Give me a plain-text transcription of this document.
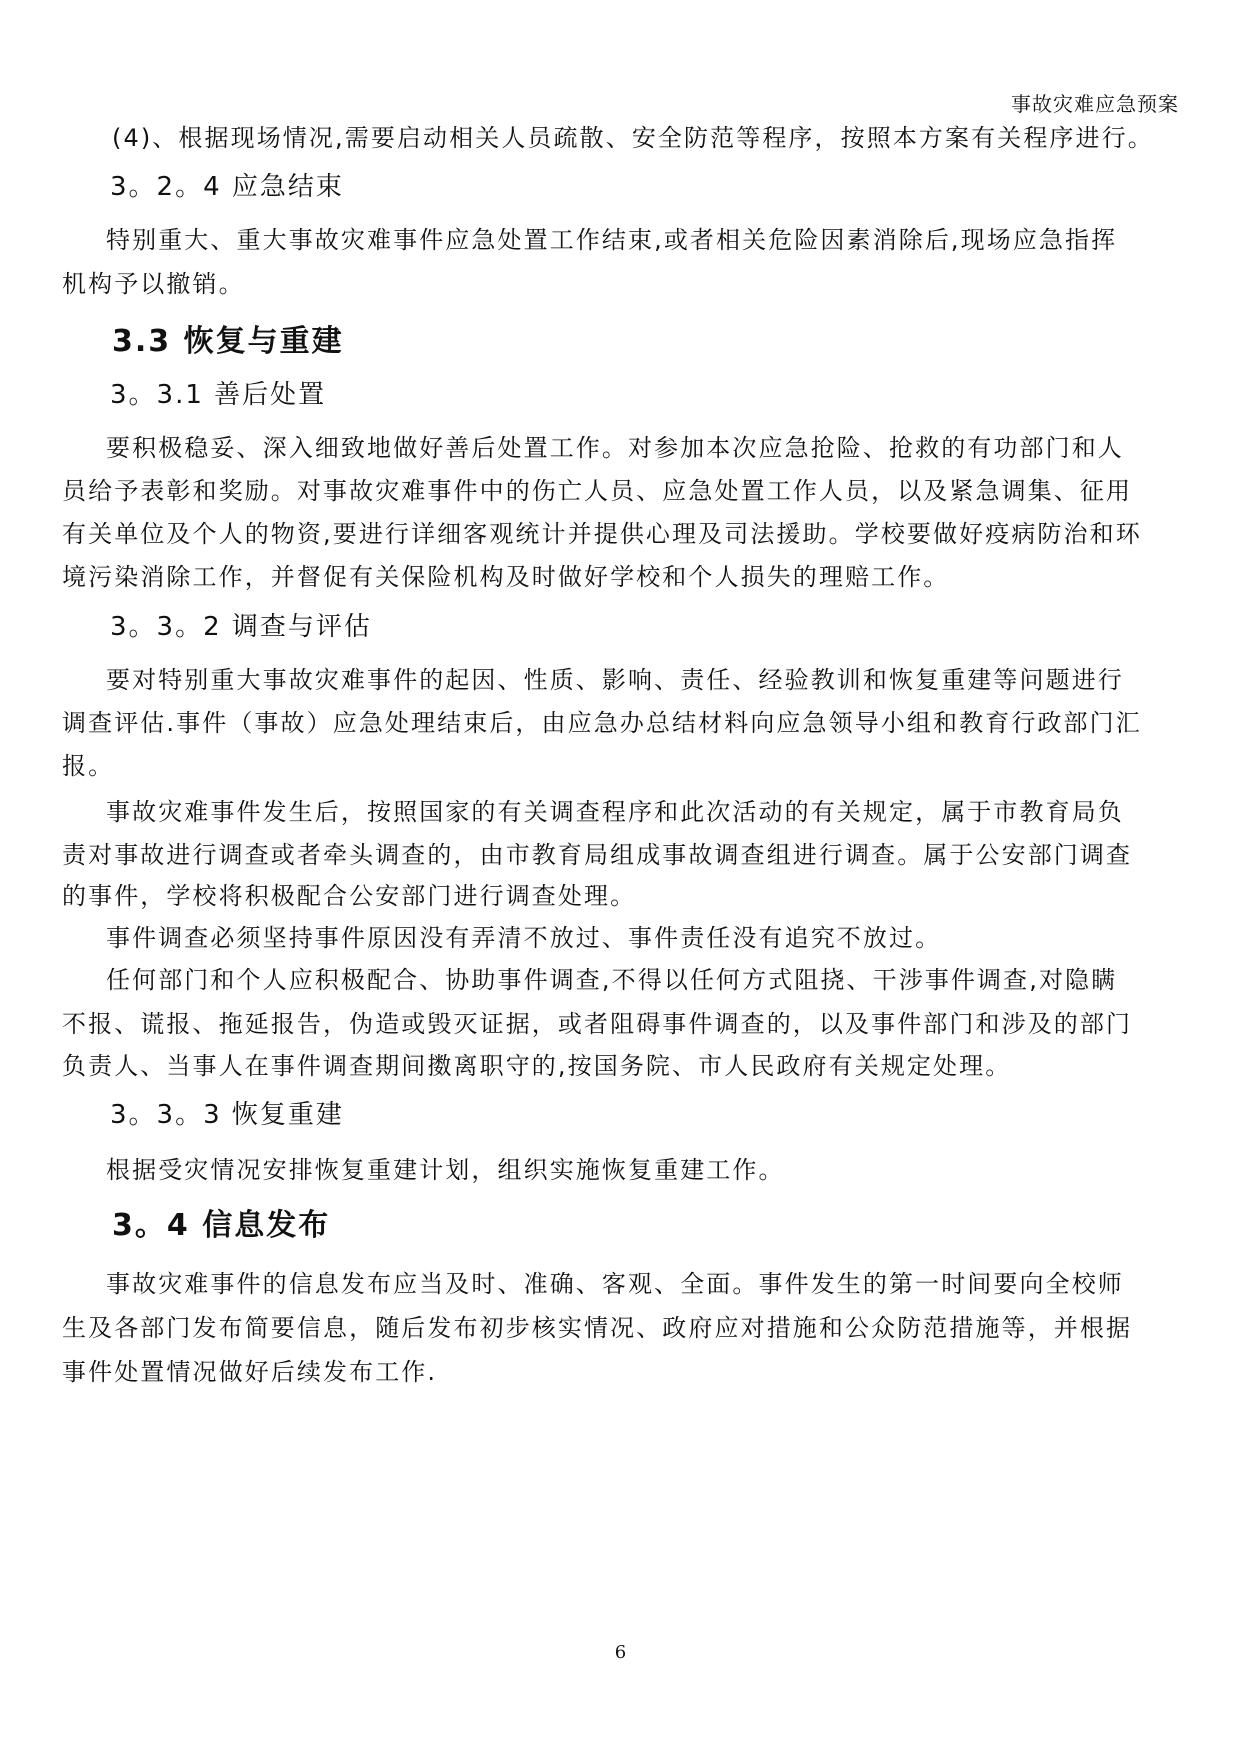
事故灾难应急预案
(4)、根据现场情况,需要启动相关人员疏散、安全防范等程序，按照本方案有关程序进行。
3。2。4 应急结束
特别重大、重大事故灾难事件应急处置工作结束,或者相关危险因素消除后,现场应急指挥
机构予以撤销。
3.3 恢复与重建
3。3.1 善后处置
要积极稳妥、深入细致地做好善后处置工作。对参加本次应急抢险、抢救的有功部门和人
员给予表彰和奖励。对事故灾难事件中的伤亡人员、应急处置工作人员，以及紧急调集、征用
有关单位及个人的物资,要进行详细客观统计并提供心理及司法援助。学校要做好疫病防治和环
境污染消除工作，并督促有关保险机构及时做好学校和个人损失的理赔工作。
3。3。2 调查与评估
要对特别重大事故灾难事件的起因、性质、影响、责任、经验教训和恢复重建等问题进行
调查评估.事件（事故）应急处理结束后，由应急办总结材料向应急领导小组和教育行政部门汇
报。
事故灾难事件发生后，按照国家的有关调查程序和此次活动的有关规定，属于市教育局负
责对事故进行调查或者牵头调查的，由市教育局组成事故调查组进行调查。属于公安部门调查
的事件，学校将积极配合公安部门进行调查处理。
事件调查必须坚持事件原因没有弄清不放过、事件责任没有追究不放过。
任何部门和个人应积极配合、协助事件调查,不得以任何方式阻挠、干涉事件调查,对隐瞒
不报、谎报、拖延报告，伪造或毁灭证据，或者阻碍事件调查的，以及事件部门和涉及的部门
负责人、当事人在事件调查期间擞离职守的,按国务院、市人民政府有关规定处理。
3。3。3 恢复重建
根据受灾情况安排恢复重建计划，组织实施恢复重建工作。
3。4 信息发布
事故灾难事件的信息发布应当及时、准确、客观、全面。事件发生的第一时间要向全校师
生及各部门发布简要信息，随后发布初步核实情况、政府应对措施和公众防范措施等，并根据
事件处置情况做好后续发布工作.
6
